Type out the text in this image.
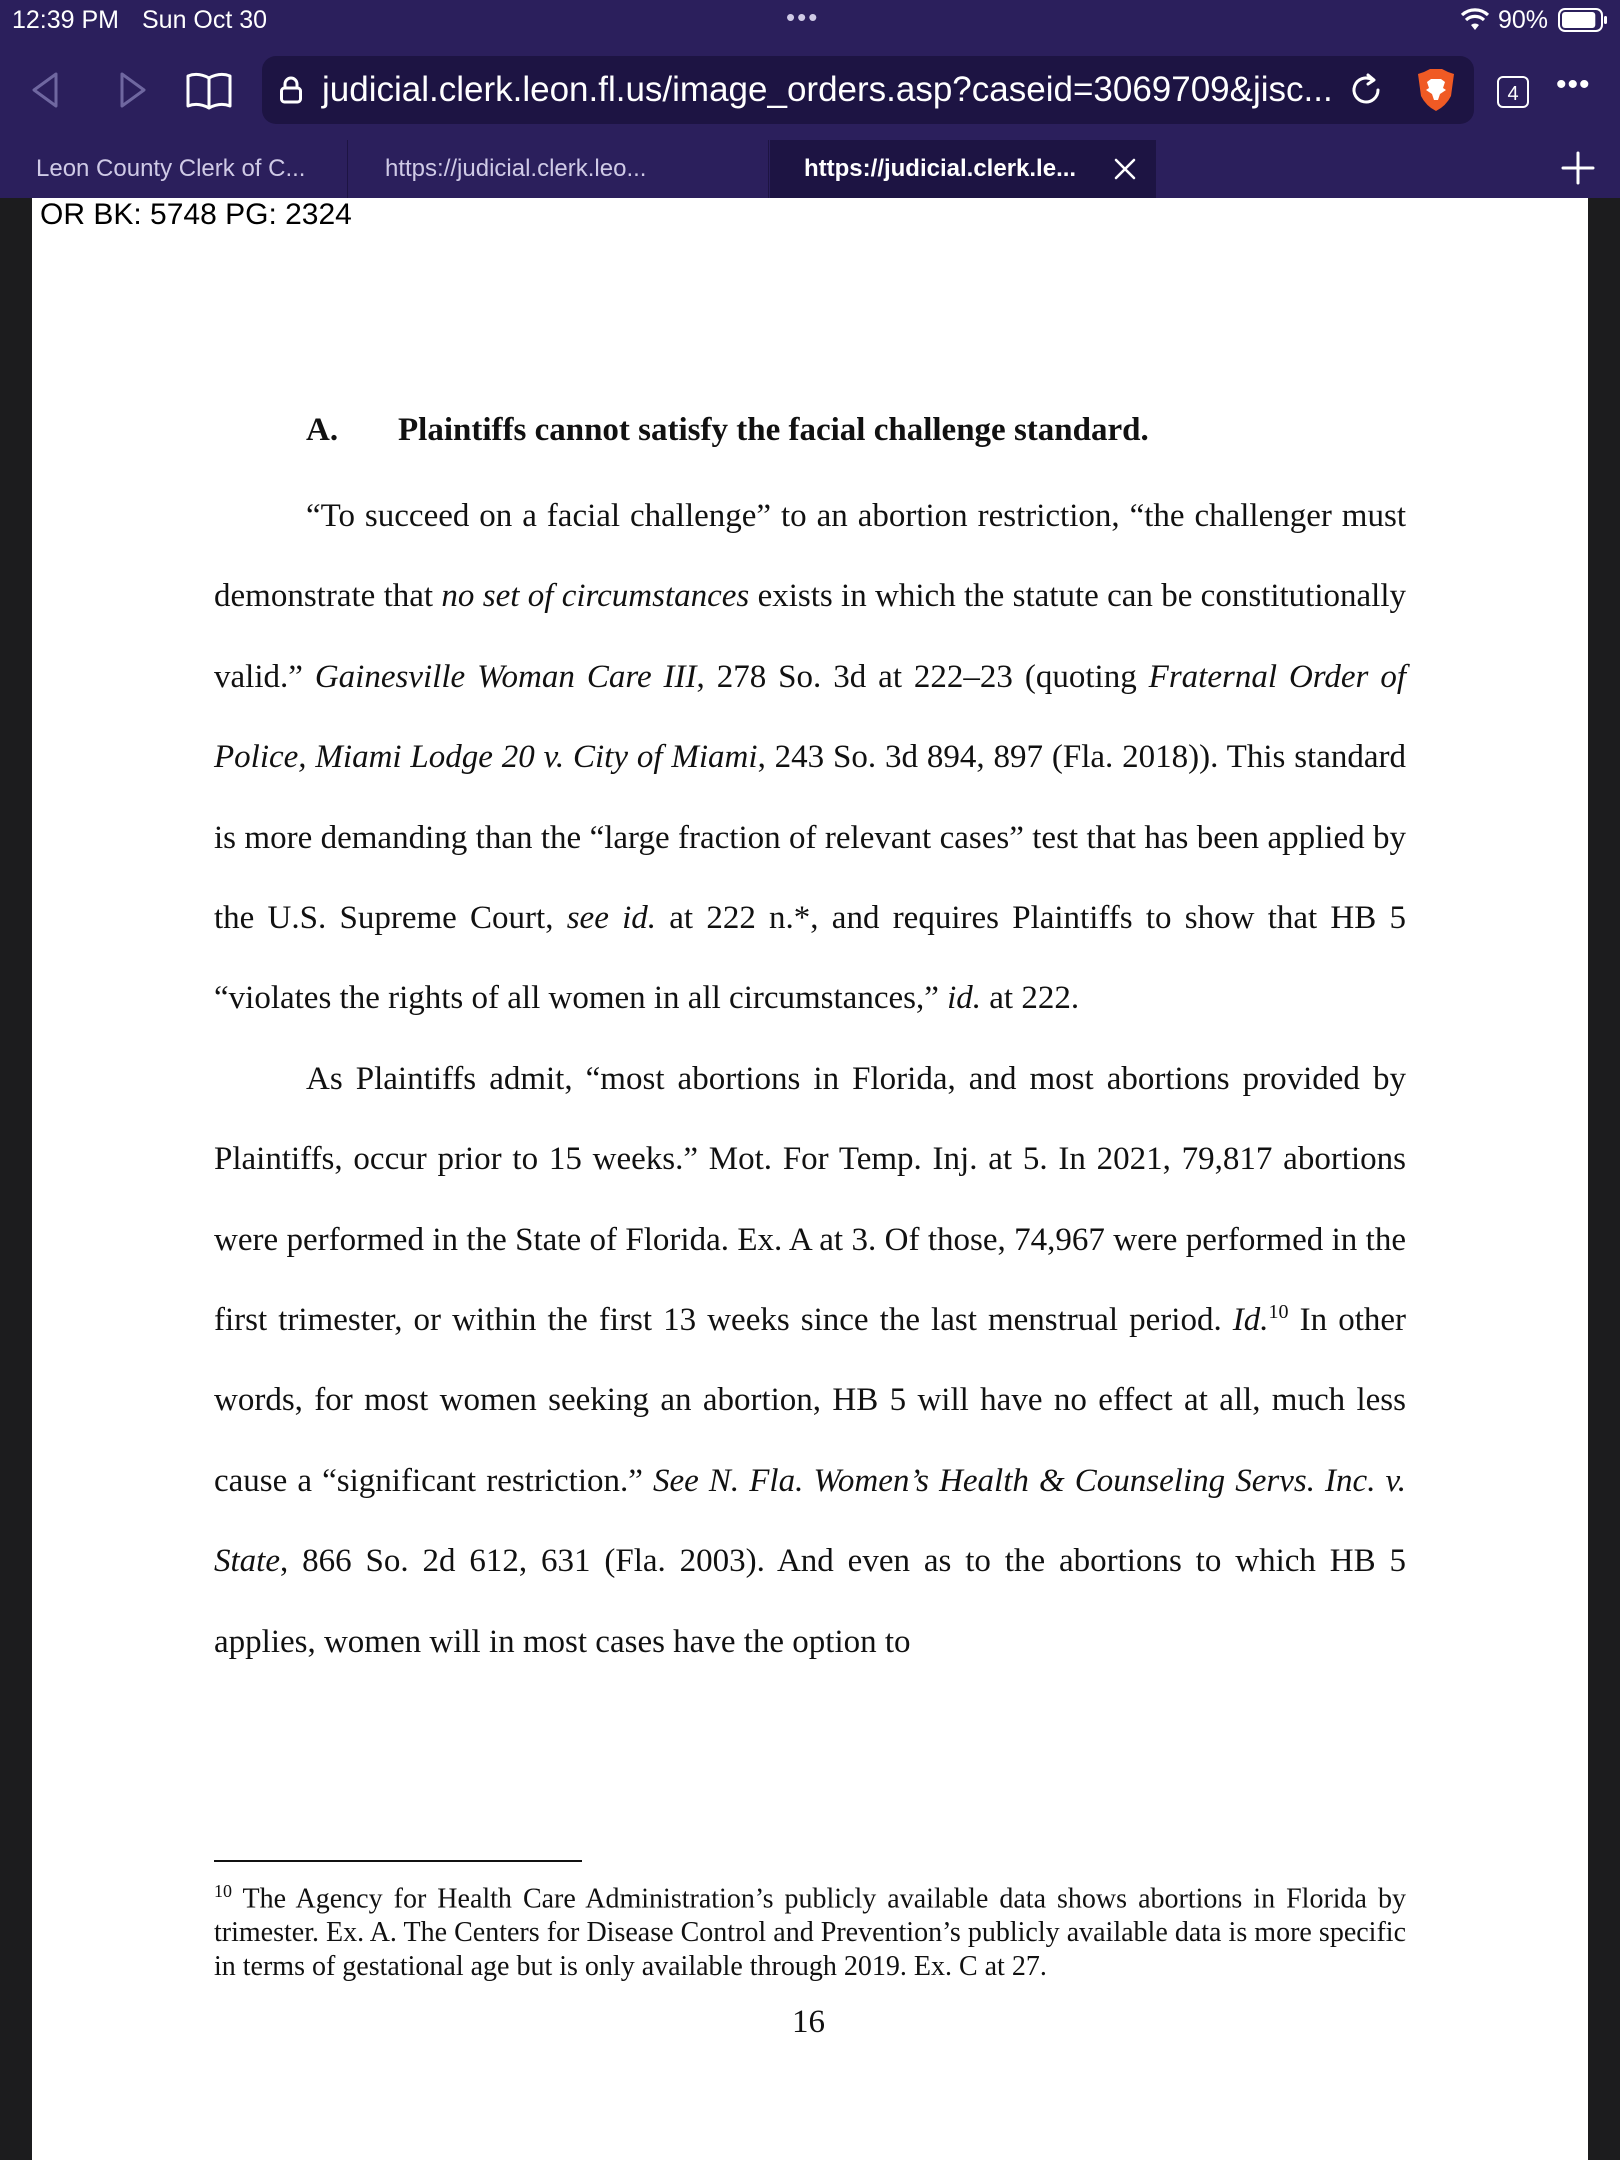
12:39 PM Sun Oct 30	•••	90%
judicial.clerk.leon.fl.us/image_orders.asp?caseid=3069709&jisc...	4	•••
Leon County Clerk of C...	https://judicial.clerk.leo...	https://judicial.clerk.le...
OR BK: 5748 PG: 2324
A. Plaintiffs cannot satisfy the facial challenge standard.

“To succeed on a facial challenge” to an abortion restriction, “the challenger must demonstrate that no set of circumstances exists in which the statute can be constitutionally valid.” Gainesville Woman Care III, 278 So. 3d at 222–23 (quoting Fraternal Order of Police, Miami Lodge 20 v. City of Miami, 243 So. 3d 894, 897 (Fla. 2018)). This standard is more demanding than the “large fraction of relevant cases” test that has been applied by the U.S. Supreme Court, see id. at 222 n.*, and requires Plaintiffs to show that HB 5 “violates the rights of all women in all circumstances,” id. at 222.

As Plaintiffs admit, “most abortions in Florida, and most abortions provided by Plaintiffs, occur prior to 15 weeks.” Mot. For Temp. Inj. at 5. In 2021, 79,817 abortions were performed in the State of Florida. Ex. A at 3. Of those, 74,967 were performed in the first trimester, or within the first 13 weeks since the last menstrual period. Id.$^{10}$ In other words, for most women seeking an abortion, HB 5 will have no effect at all, much less cause a “significant restriction.” See N. Fla. Women’s Health & Counseling Servs. Inc. v. State, 866 So. 2d 612, 631 (Fla. 2003). And even as to the abortions to which HB 5 applies, women will in most cases have the option to

$^{10}$ The Agency for Health Care Administration’s publicly available data shows abortions in Florida by trimester. Ex. A. The Centers for Disease Control and Prevention’s publicly available data is more specific in terms of gestational age but is only available through 2019. Ex. C at 27.
16
